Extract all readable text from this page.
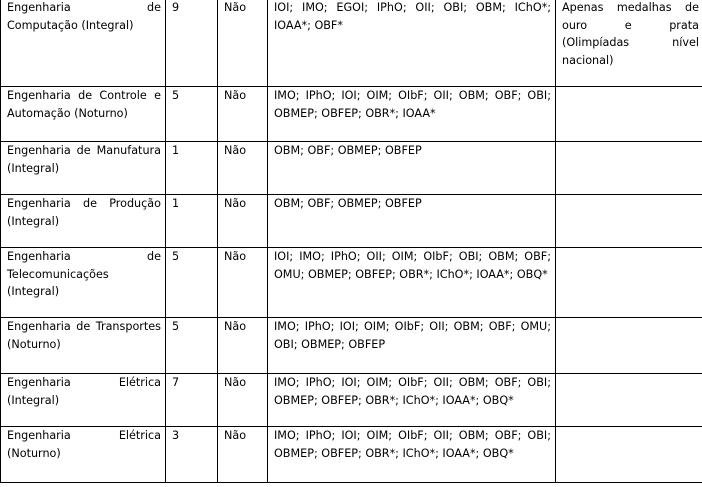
Engenharia de Computação (Integral)	9	Não	IOI; IMO; EGOI; IPhO; OII; OBI; OBM; IChO*; IOAA*; OBF*	Apenas medalhas de ouro e prata (Olimpíadas nível nacional)
Engenharia de Controle e Automação (Noturno)	5	Não	IMO; IPhO; IOI; OIM; OIbF; OII; OBM; OBF; OBI; OBMEP; OBFEP; OBR*; IOAA*	
Engenharia de Manufatura (Integral)	1	Não	OBM; OBF; OBMEP; OBFEP	
Engenharia de Produção (Integral)	1	Não	OBM; OBF; OBMEP; OBFEP	
Engenharia de Telecomunicações (Integral)	5	Não	IOI; IMO; IPhO; OII; OIM; OIbF; OBI; OBM; OBF; OMU; OBMEP; OBFEP; OBR*; IChO*; IOAA*; OBQ*	
Engenharia de Transportes (Noturno)	5	Não	IMO; IPhO; IOI; OIM; OIbF; OII; OBM; OBF; OMU; OBI; OBMEP; OBFEP	
Engenharia Elétrica (Integral)	7	Não	IMO; IPhO; IOI; OIM; OIbF; OII; OBM; OBF; OBI; OBMEP; OBFEP; OBR*; IChO*; IOAA*; OBQ*	
Engenharia Elétrica (Noturno)	3	Não	IMO; IPhO; IOI; OIM; OIbF; OII; OBM; OBF; OBI; OBMEP; OBFEP; OBR*; IChO*; IOAA*; OBQ*	
